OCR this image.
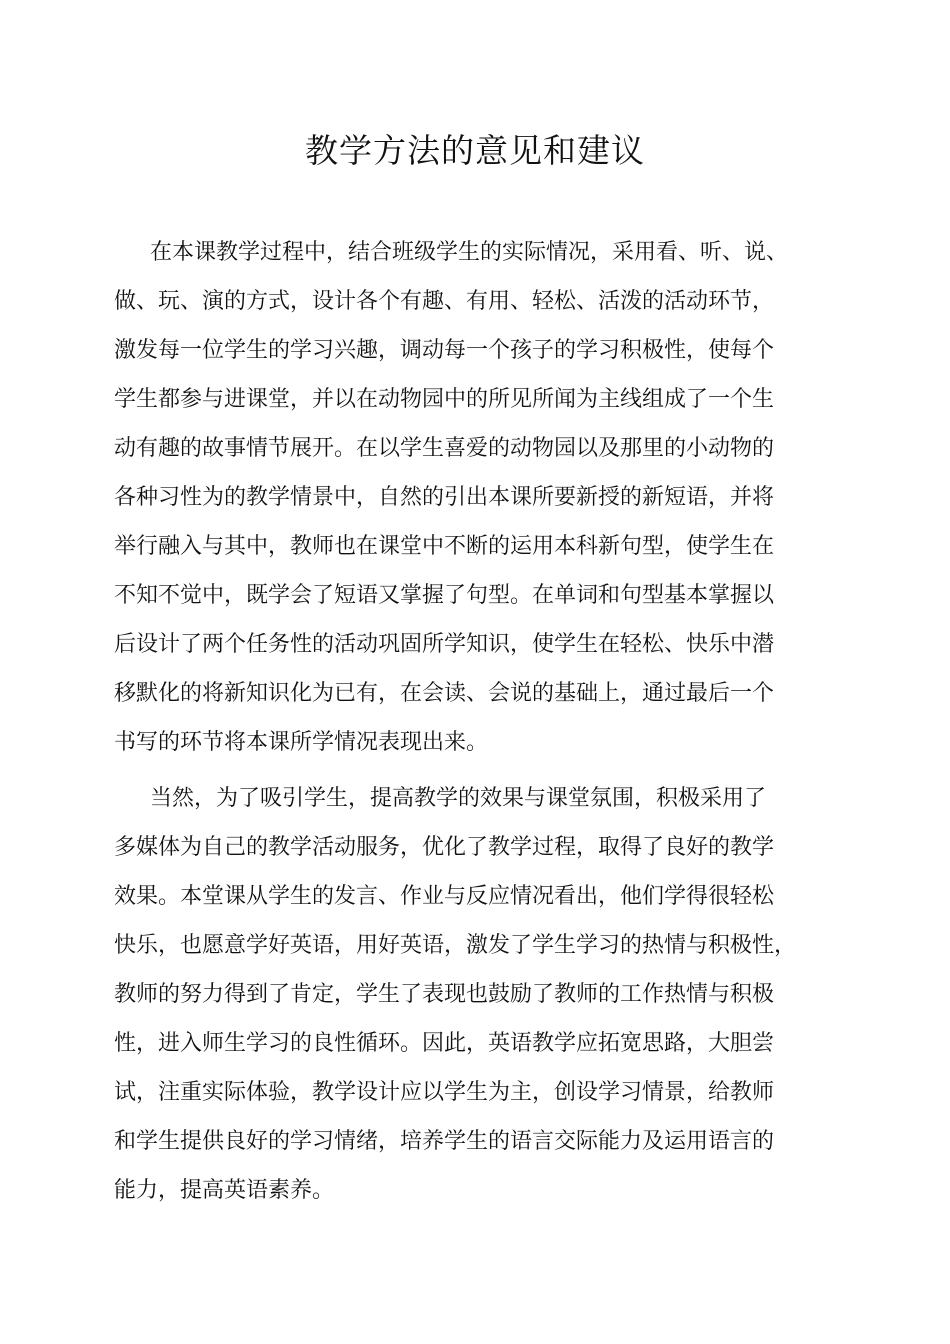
教学方法的意见和建议
在本课教学过程中，结合班级学生的实际情况，采用看、听、说、
做、玩、演的方式，设计各个有趣、有用、轻松、活泼的活动环节，
激发每一位学生的学习兴趣，调动每一个孩子的学习积极性，使每个
学生都参与进课堂，并以在动物园中的所见所闻为主线组成了一个生
动有趣的故事情节展开。在以学生喜爱的动物园以及那里的小动物的
各种习性为的教学情景中，自然的引出本课所要新授的新短语，并将
举行融入与其中，教师也在课堂中不断的运用本科新句型，使学生在
不知不觉中，既学会了短语又掌握了句型。在单词和句型基本掌握以
后设计了两个任务性的活动巩固所学知识，使学生在轻松、快乐中潜
移默化的将新知识化为已有，在会读、会说的基础上，通过最后一个
书写的环节将本课所学情况表现出来。
当然，为了吸引学生，提高教学的效果与课堂氛围，积极采用了
多媒体为自己的教学活动服务，优化了教学过程，取得了良好的教学
效果。本堂课从学生的发言、作业与反应情况看出，他们学得很轻松
快乐，也愿意学好英语，用好英语，激发了学生学习的热情与积极性，
教师的努力得到了肯定，学生了表现也鼓励了教师的工作热情与积极
性，进入师生学习的良性循环。因此，英语教学应拓宽思路，大胆尝
试，注重实际体验，教学设计应以学生为主，创设学习情景，给教师
和学生提供良好的学习情绪，培养学生的语言交际能力及运用语言的
能力，提高英语素养。
